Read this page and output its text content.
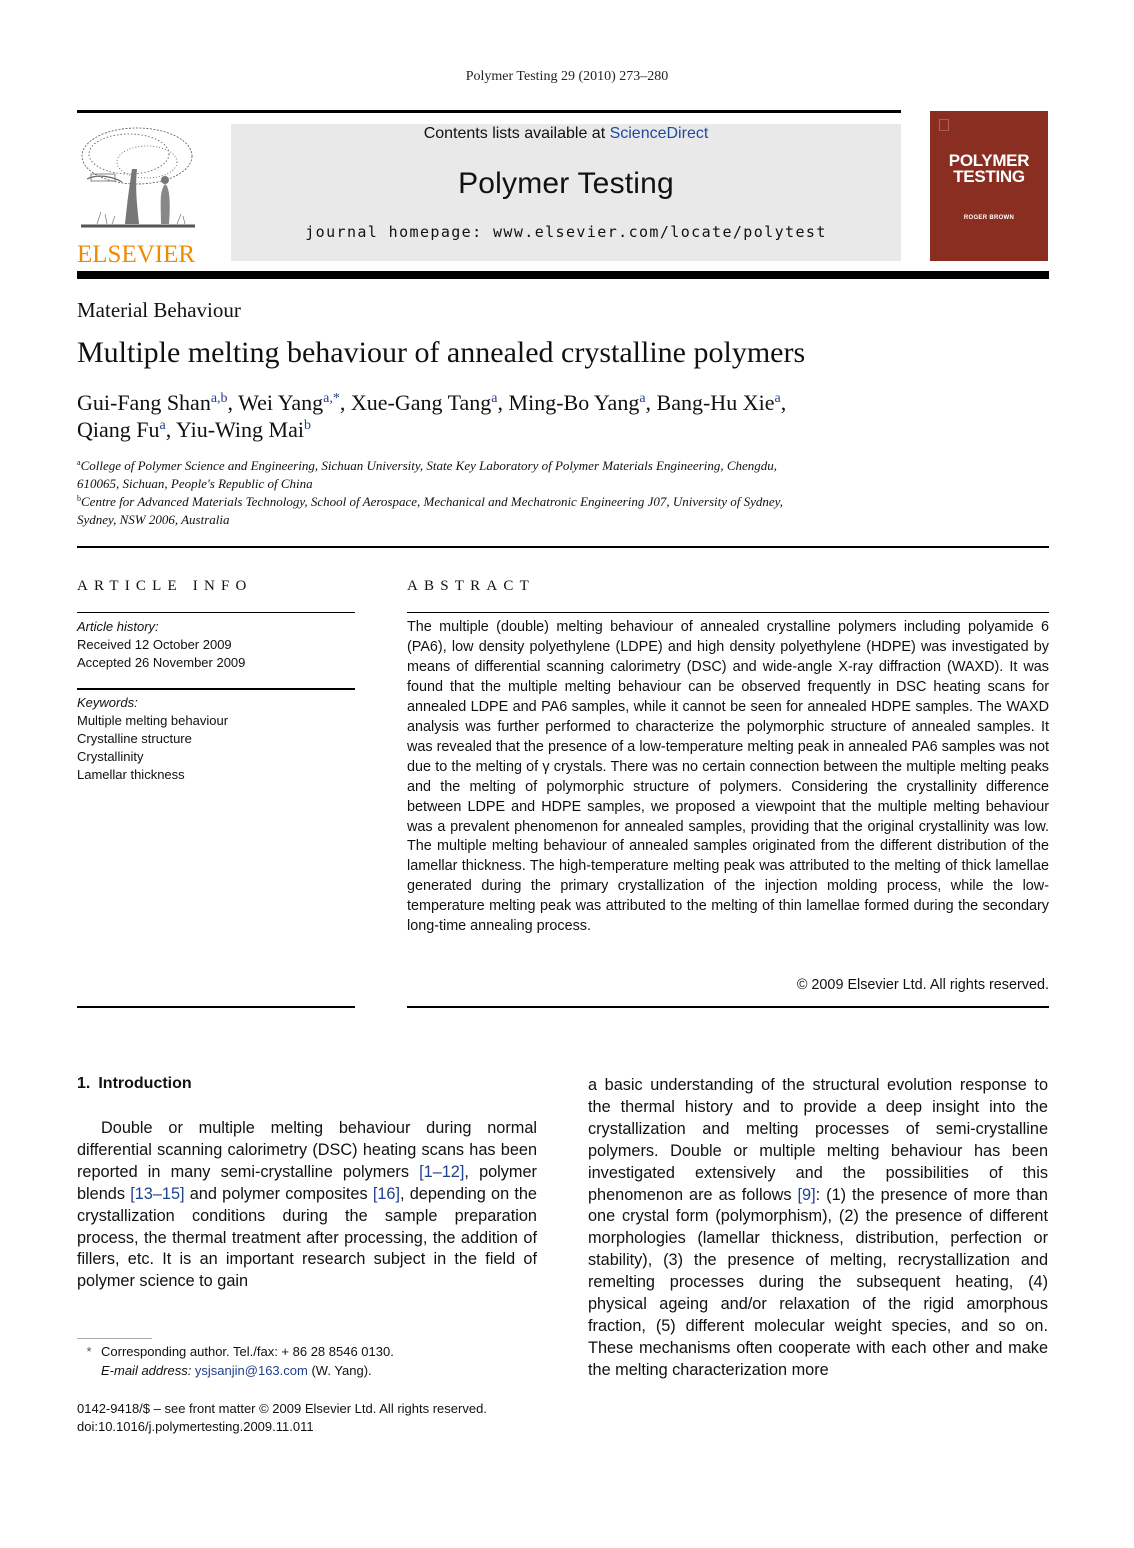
Polymer Testing 29 (2010) 273–280
ELSEVIER
Contents lists available at ScienceDirect
Polymer Testing
journal homepage: www.elsevier.com/locate/polytest
POLYMER
TESTING
ROGER BROWN
Material Behaviour
Multiple melting behaviour of annealed crystalline polymers
Gui-Fang Shan$^{a,b}$, Wei Yang$^{a,*}$, Xue-Gang Tang$^a$, Ming-Bo Yang$^a$, Bang-Hu Xie$^a$,
Qiang Fu$^a$, Yiu-Wing Mai$^b$
$^a$College of Polymer Science and Engineering, Sichuan University, State Key Laboratory of Polymer Materials Engineering, Chengdu,
610065, Sichuan, People's Republic of China
$^b$Centre for Advanced Materials Technology, School of Aerospace, Mechanical and Mechatronic Engineering J07, University of Sydney,
Sydney, NSW 2006, Australia
ARTICLE INFO
Article history:
Received 12 October 2009
Accepted 26 November 2009
Keywords:
Multiple melting behaviour
Crystalline structure
Crystallinity
Lamellar thickness
ABSTRACT

The multiple (double) melting behaviour of annealed crystalline polymers including polyamide 6 (PA6), low density polyethylene (LDPE) and high density polyethylene (HDPE) was investigated by means of differential scanning calorimetry (DSC) and wide-angle X-ray diffraction (WAXD). It was found that the multiple melting behaviour can be observed frequently in DSC heating scans for annealed LDPE and PA6 samples, while it cannot be seen for annealed HDPE samples. The WAXD analysis was further performed to characterize the polymorphic structure of annealed samples. It was revealed that the presence of a low-temperature melting peak in annealed PA6 samples was not due to the melting of γ crystals. There was no certain connection between the multiple melting peaks and the melting of polymorphic structure of polymers. Considering the crystallinity difference between LDPE and HDPE samples, we proposed a viewpoint that the multiple melting behaviour was a prevalent phenomenon for annealed samples, providing that the original crystallinity was low. The multiple melting behaviour of annealed samples originated from the different distribution of the lamellar thickness. The high-temperature melting peak was attributed to the melting of thick lamellae generated during the primary crystallization of the injection molding process, while the low-temperature melting peak was attributed to the melting of thin lamellae formed during the secondary long-time annealing process.

© 2009 Elsevier Ltd. All rights reserved.
1. Introduction

Double or multiple melting behaviour during normal differential scanning calorimetry (DSC) heating scans has been reported in many semi-crystalline polymers [1–12], polymer blends [13–15] and polymer composites [16], depending on the crystallization conditions during the sample preparation process, the thermal treatment after processing, the addition of fillers, etc. It is an important research subject in the field of polymer science to gain

a basic understanding of the structural evolution response to the thermal history and to provide a deep insight into the crystallization and melting processes of semi-crystalline polymers. Double or multiple melting behaviour has been investigated extensively and the possibilities of this phenomenon are as follows [9]: (1) the presence of more than one crystal form (polymorphism), (2) the presence of different morphologies (lamellar thickness, distribution, perfection or stability), (3) the presence of melting, recrystallization and remelting processes during the subsequent heating, (4) physical ageing and/or relaxation of the rigid amorphous fraction, (5) different molecular weight species, and so on. These mechanisms often cooperate with each other and make the melting characterization more

* Corresponding author. Tel./fax: + 86 28 8546 0130.
E-mail address: ysjsanjin@163.com (W. Yang).
0142-9418/$ – see front matter © 2009 Elsevier Ltd. All rights reserved.
doi:10.1016/j.polymertesting.2009.11.011
